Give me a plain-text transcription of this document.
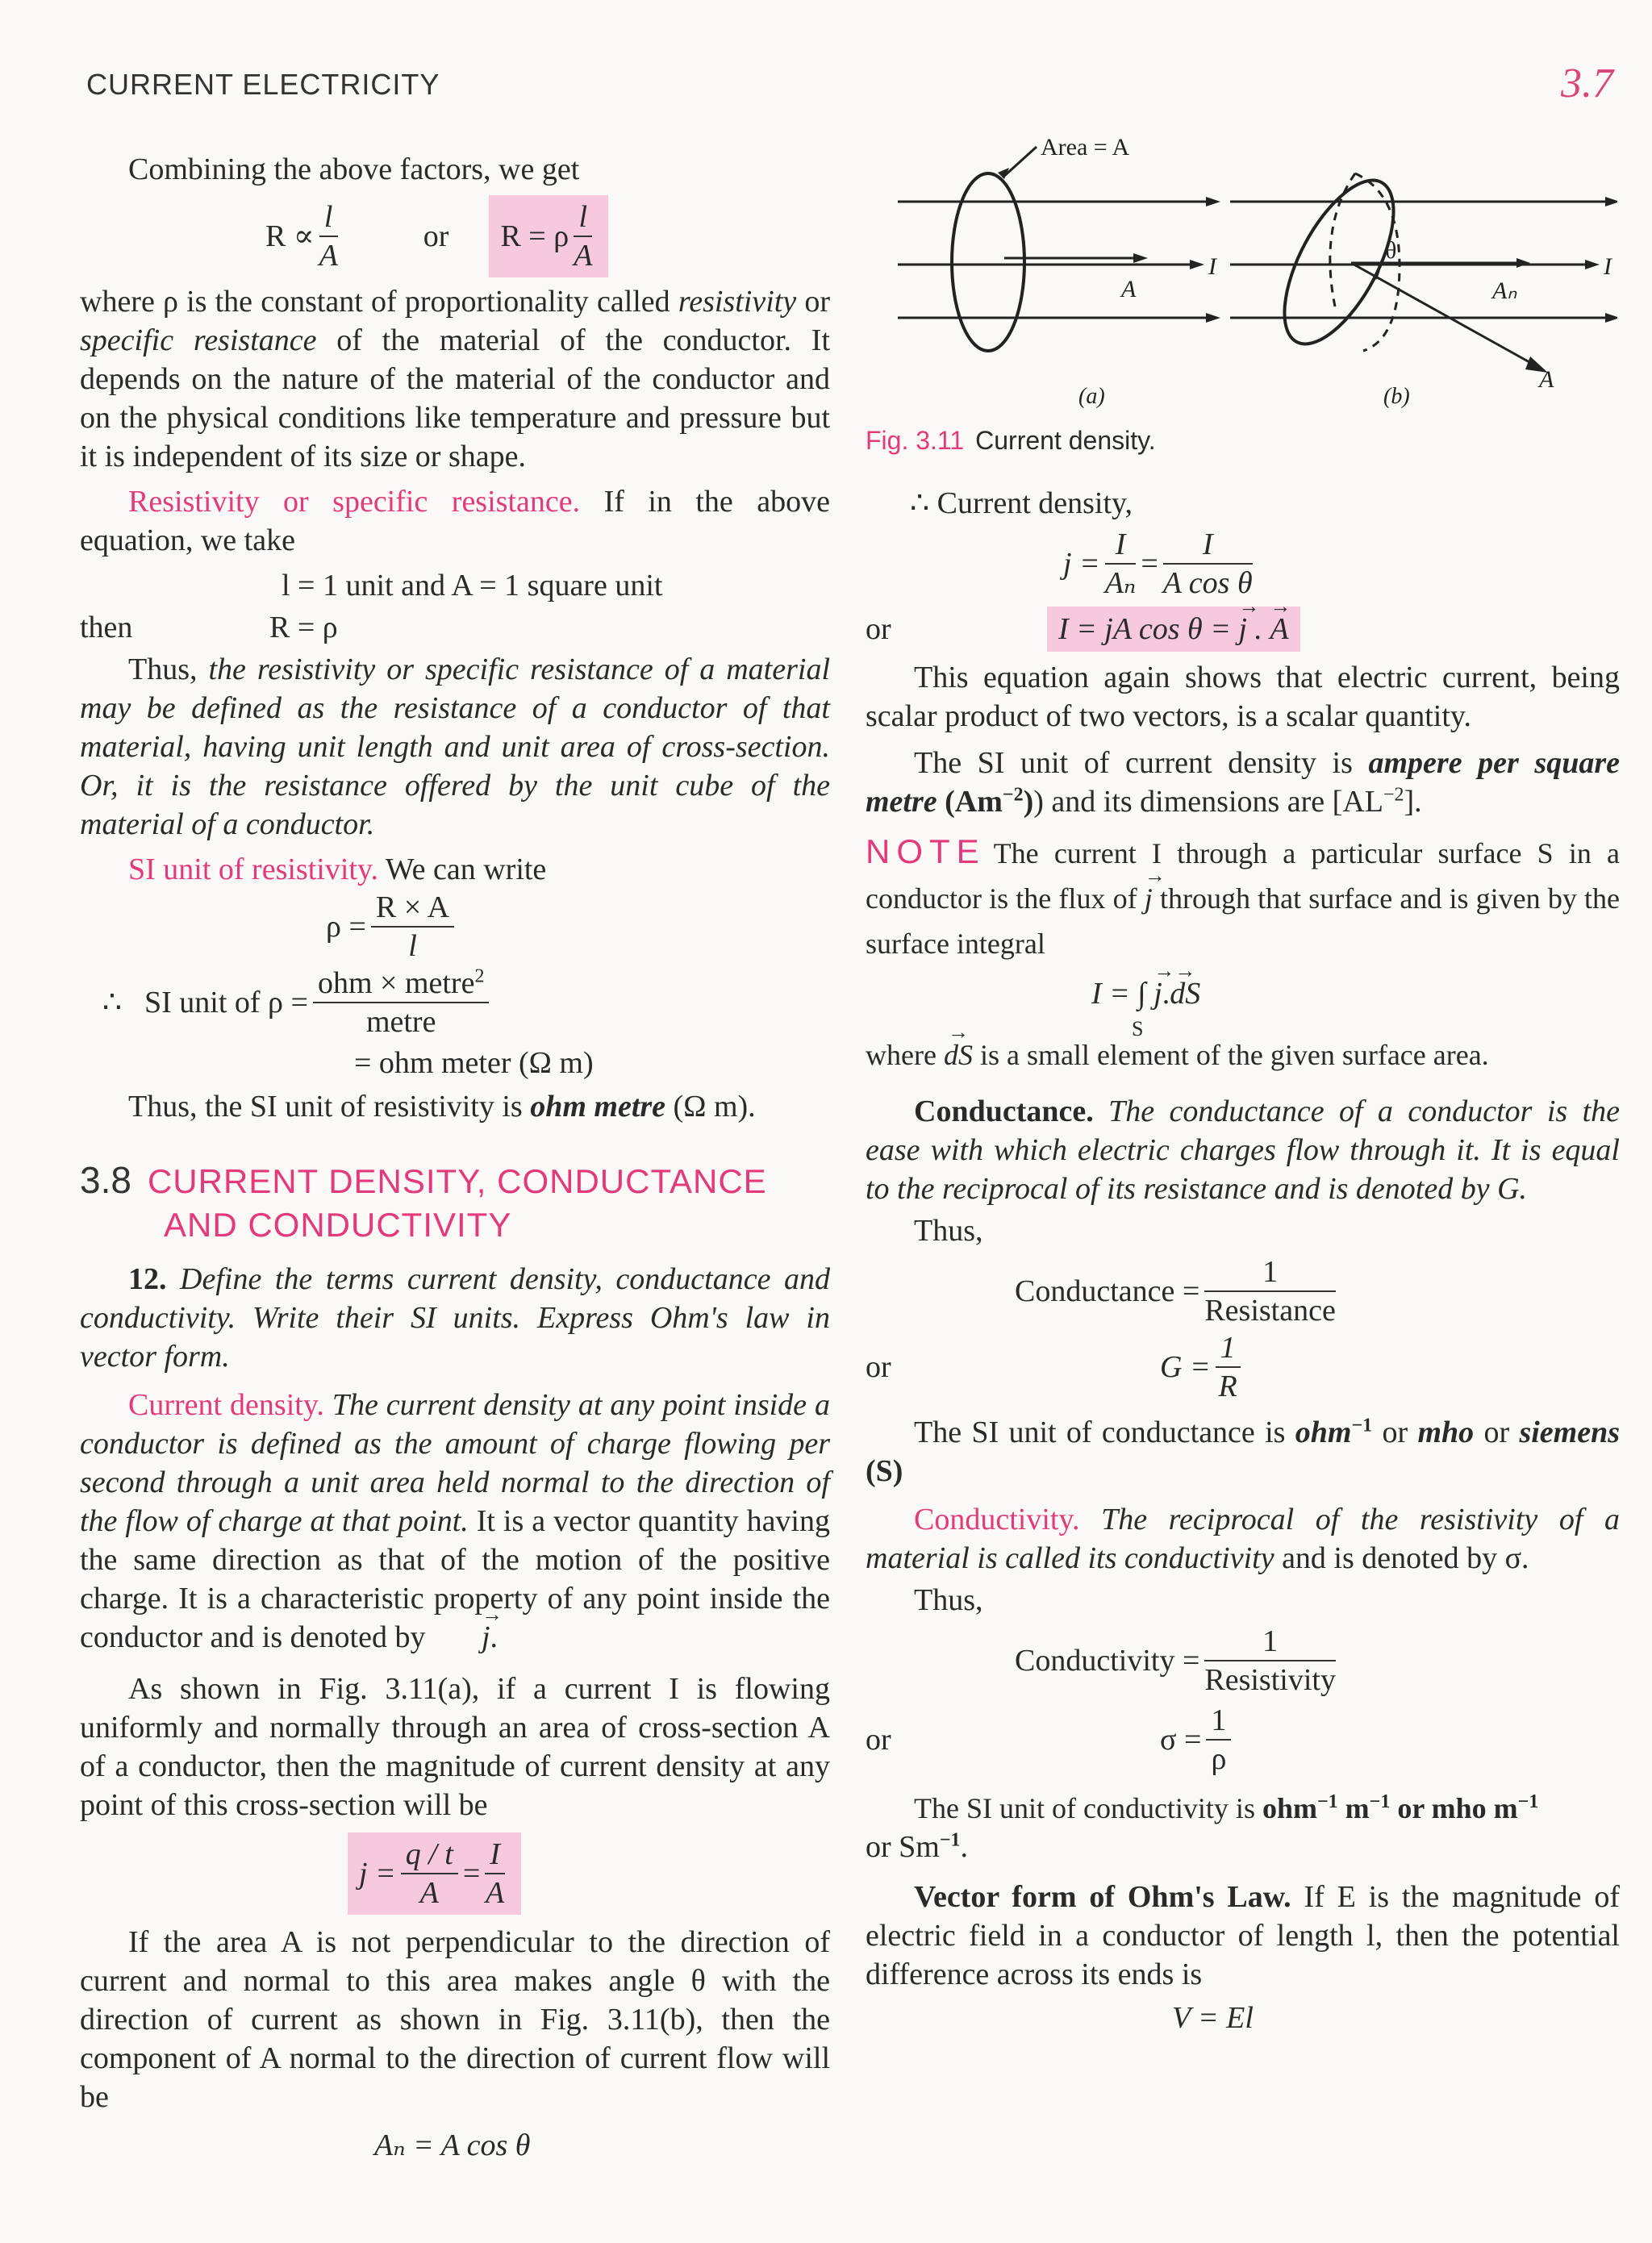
CURRENT ELECTRICITY	3.7

Combining the above factors, we get

$R \propto \frac{l}{A}$	or R = ρ $\frac{l}{A}$

where ρ is the constant of proportionality called resistivity or specific resistance of the material of the conductor. It depends on the nature of the material of the conductor and on the physical conditions like temperature and pressure but it is independent of its size or shape.

Resistivity or specific resistance. If in the above equation, we take

l = 1 unit and A = 1 square unit

then	R = ρ

Thus, the resistivity or specific resistance of a material may be defined as the resistance of a conductor of that material, having unit length and unit area of cross-section. Or, it is the resistance offered by the unit cube of the material of a conductor.

SI unit of resistivity. We can write

$\rho = \frac{R \times A}{l}$
∴ SI unit of $\rho = \frac{ohm \times metre^2}{\text{metre}}$

= ohm meter (Ω m)

Thus, the SI unit of resistivity is ohm metre (Ω m).

3.8 CURRENT DENSITY, CONDUCTANCE
AND CONDUCTIVITY

12. Define the terms current density, conductance and conductivity. Write their SI units. Express Ohm's law in vector form.

Current density. The current density at any point inside a conductor is defined as the amount of charge flowing per second through a unit area held normal to the direction of the flow of charge at that point. It is a vector quantity having the same direction as that of the motion of the positive charge. It is a characteristic property of any point inside the conductor and is denoted by → j.

As shown in Fig. 3.11(a), if a current I is flowing uniformly and normally through an area of cross-section A of a conductor, then the magnitude of current density at any point of this cross-section will be

$j = \frac{q / t}{A} = \frac{I}{A}$

If the area A is not perpendicular to the direction of current and normal to this area makes angle θ with the direction of current as shown in Fig. 3.11(b), then the component of A normal to the direction of current flow will be

Aₙ = A cos θ

Area = A
I
A
θ
Aₙ
I
A
(a)	(b)
Fig. 3.11 Current density.

∴ Current density,

$j = \frac{I}{\text{Aₙ}} = \frac{I}{\text{A cos θ}}$
or	I = jA cos θ = → j . → A

This equation again shows that electric current, being scalar product of two vectors, is a scalar quantity.

The SI unit of current density is ampere per square metre $(Am^{-2})$) and its dimensions are $[AL^{-2}]$.

NOTE The current I through a particular surface S in a conductor is the flux of → j through that surface and is given by the surface integral

I = ∫ → j.→ dS
S

where → dS is a small element of the given surface area.

Conductance. The conductance of a conductor is the ease with which electric charges flow through it. It is equal to the reciprocal of its resistance and is denoted by G.

Thus,

Conductance = $\frac{1}{\text{Resistance}}$
or	$G = \frac{1}{R}$

The SI unit of conductance is ohm$^{-1}$ or mho or siemens (S)

Conductivity. The reciprocal of the resistivity of a material is called its conductivity and is denoted by σ.

Thus,

Conductivity = $\frac{1}{\text{Resistivity}}$
or	$\sigma = \frac{1}{\rho}$

The SI unit of conductivity is ohm$^{-1}$ $m^{-1}$ or mho $m^{-1}$

or $Sm^{-1}$.

Vector form of Ohm's Law. If E is the magnitude of electric field in a conductor of length l, then the potential difference across its ends is

V = El
